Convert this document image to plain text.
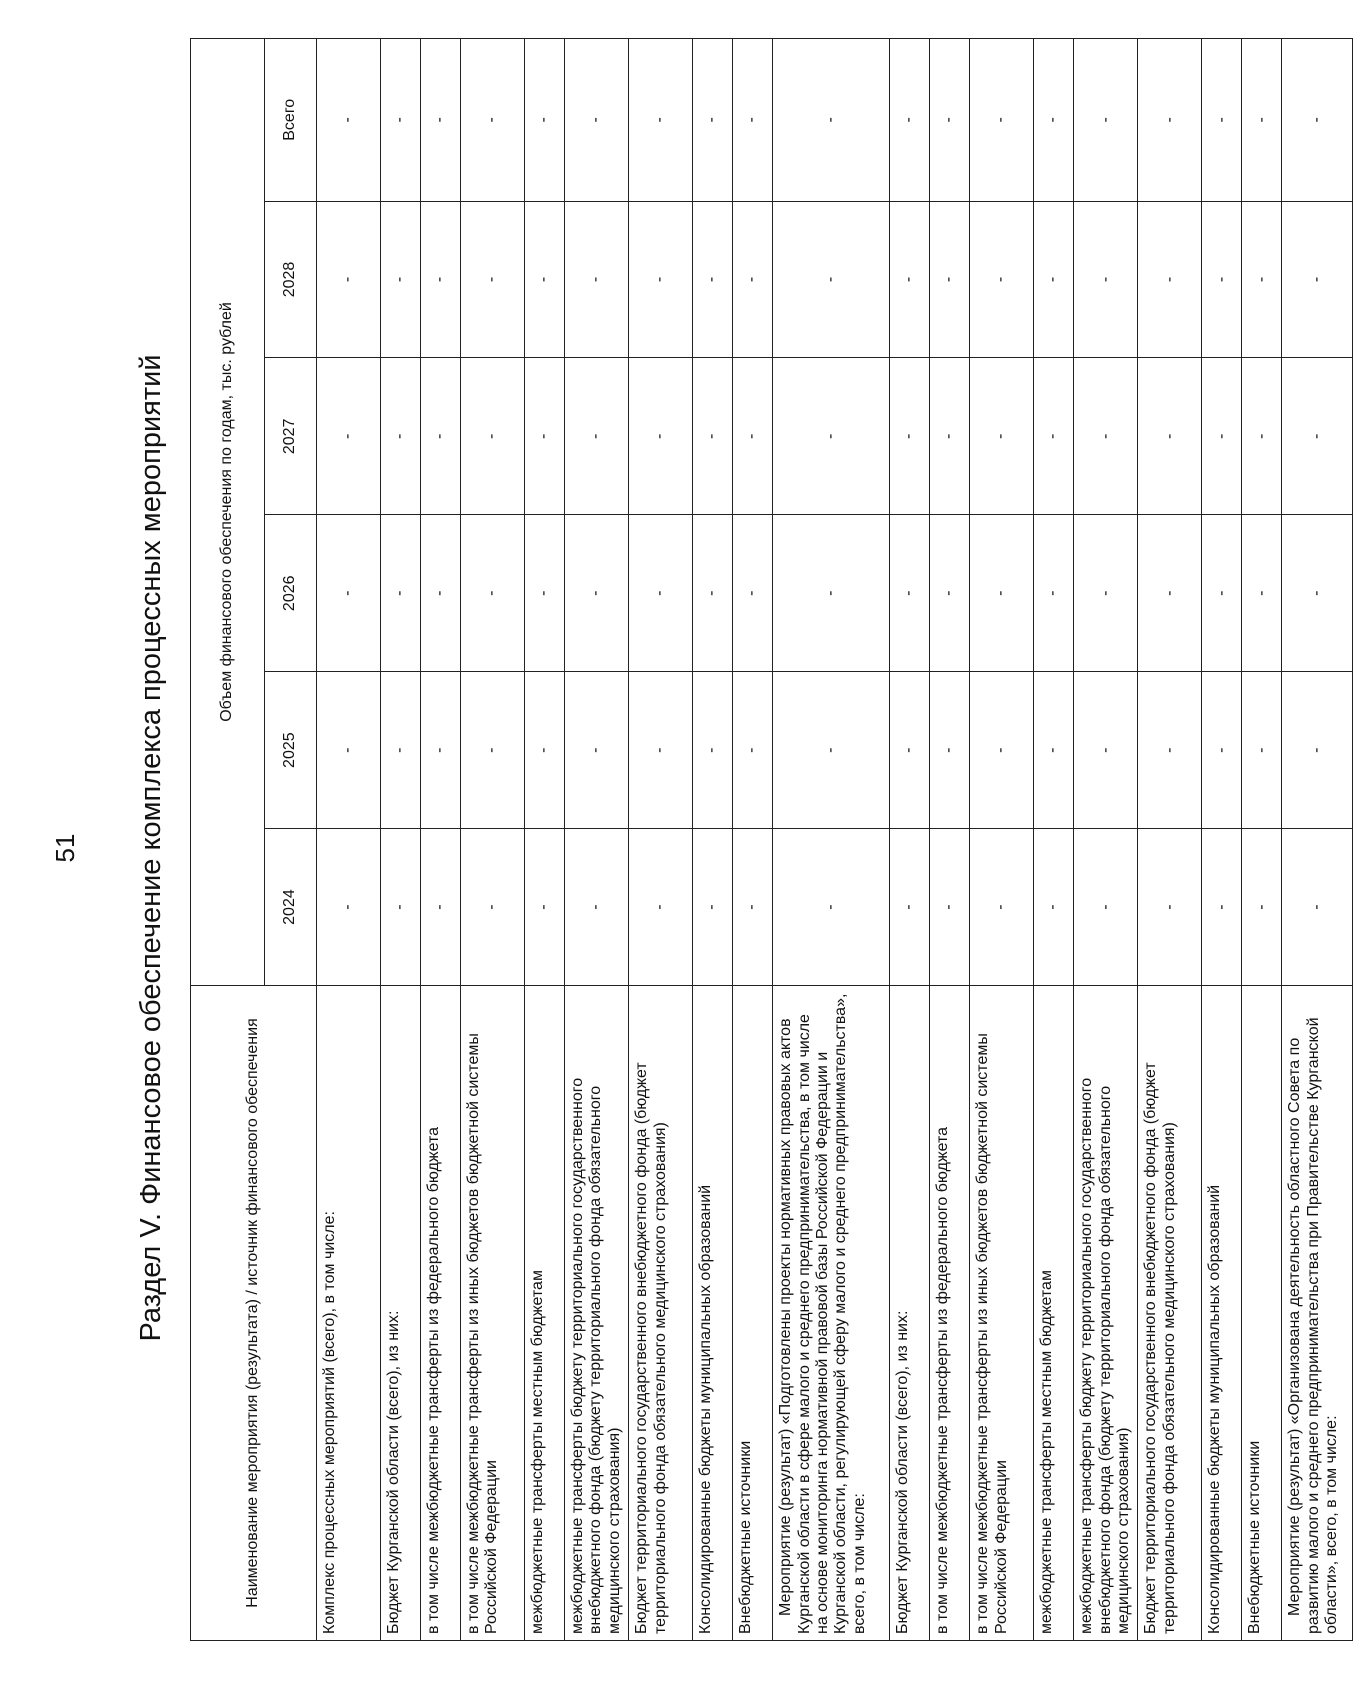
51 Раздел V. Финансовое обеспечение комплекса процессных мероприятий	Наименование мероприятия (результата) / источник финансового обеспечения	Объем финансового обеспечения по годам, тыс. рублей					
	2024	2025	2026	2027	2028	Всего
Комплекс процессных мероприятий (всего), в том числе:	-	-	-	-	-	-
Бюджет Курганской области (всего), из них:	-	-	-	-	-	-
в том числе межбюджетные трансферты из федерального бюджета	-	-	-	-	-	-
в том числе межбюджетные трансферты из иных бюджетов бюджетной системы Российской Федерации	-	-	-	-	-	-
межбюджетные трансферты местным бюджетам	-	-	-	-	-	-
межбюджетные трансферты бюджету территориального государственного внебюджетного фонда (бюджету территориального фонда обязательного медицинского страхования)	-	-	-	-	-	-
Бюджет территориального государственного внебюджетного фонда (бюджет территориального фонда обязательного медицинского страхования)	-	-	-	-	-	-
Консолидированные бюджеты муниципальных образований	-	-	-	-	-	-
Внебюджетные источники	-	-	-	-	-	-
Мероприятие (результат) «Подготовлены проекты нормативных правовых актов Курганской области в сфере малого и среднего предпринимательства, в том числе на основе мониторинга нормативной правовой базы Российской Федерации и Курганской области, регулирующей сферу малого и среднего предпринимательства», всего, в том числе:	-	-	-	-	-	-
Бюджет Курганской области (всего), из них:	-	-	-	-	-	-
в том числе межбюджетные трансферты из федерального бюджета	-	-	-	-	-	-
в том числе межбюджетные трансферты из иных бюджетов бюджетной системы Российской Федерации	-	-	-	-	-	-
межбюджетные трансферты местным бюджетам	-	-	-	-	-	-
межбюджетные трансферты бюджету территориального государственного внебюджетного фонда (бюджету территориального фонда обязательного медицинского страхования)	-	-	-	-	-	-
Бюджет территориального государственного внебюджетного фонда (бюджет территориального фонда обязательного медицинского страхования)	-	-	-	-	-	-
Консолидированные бюджеты муниципальных образований	-	-	-	-	-	-
Внебюджетные источники	-	-	-	-	-	-
Мероприятие (результат) «Организована деятельность областного Совета по развитию малого и среднего предпринимательства при Правительстве Курганской области», всего, в том числе:	-	-	-	-	-	-
